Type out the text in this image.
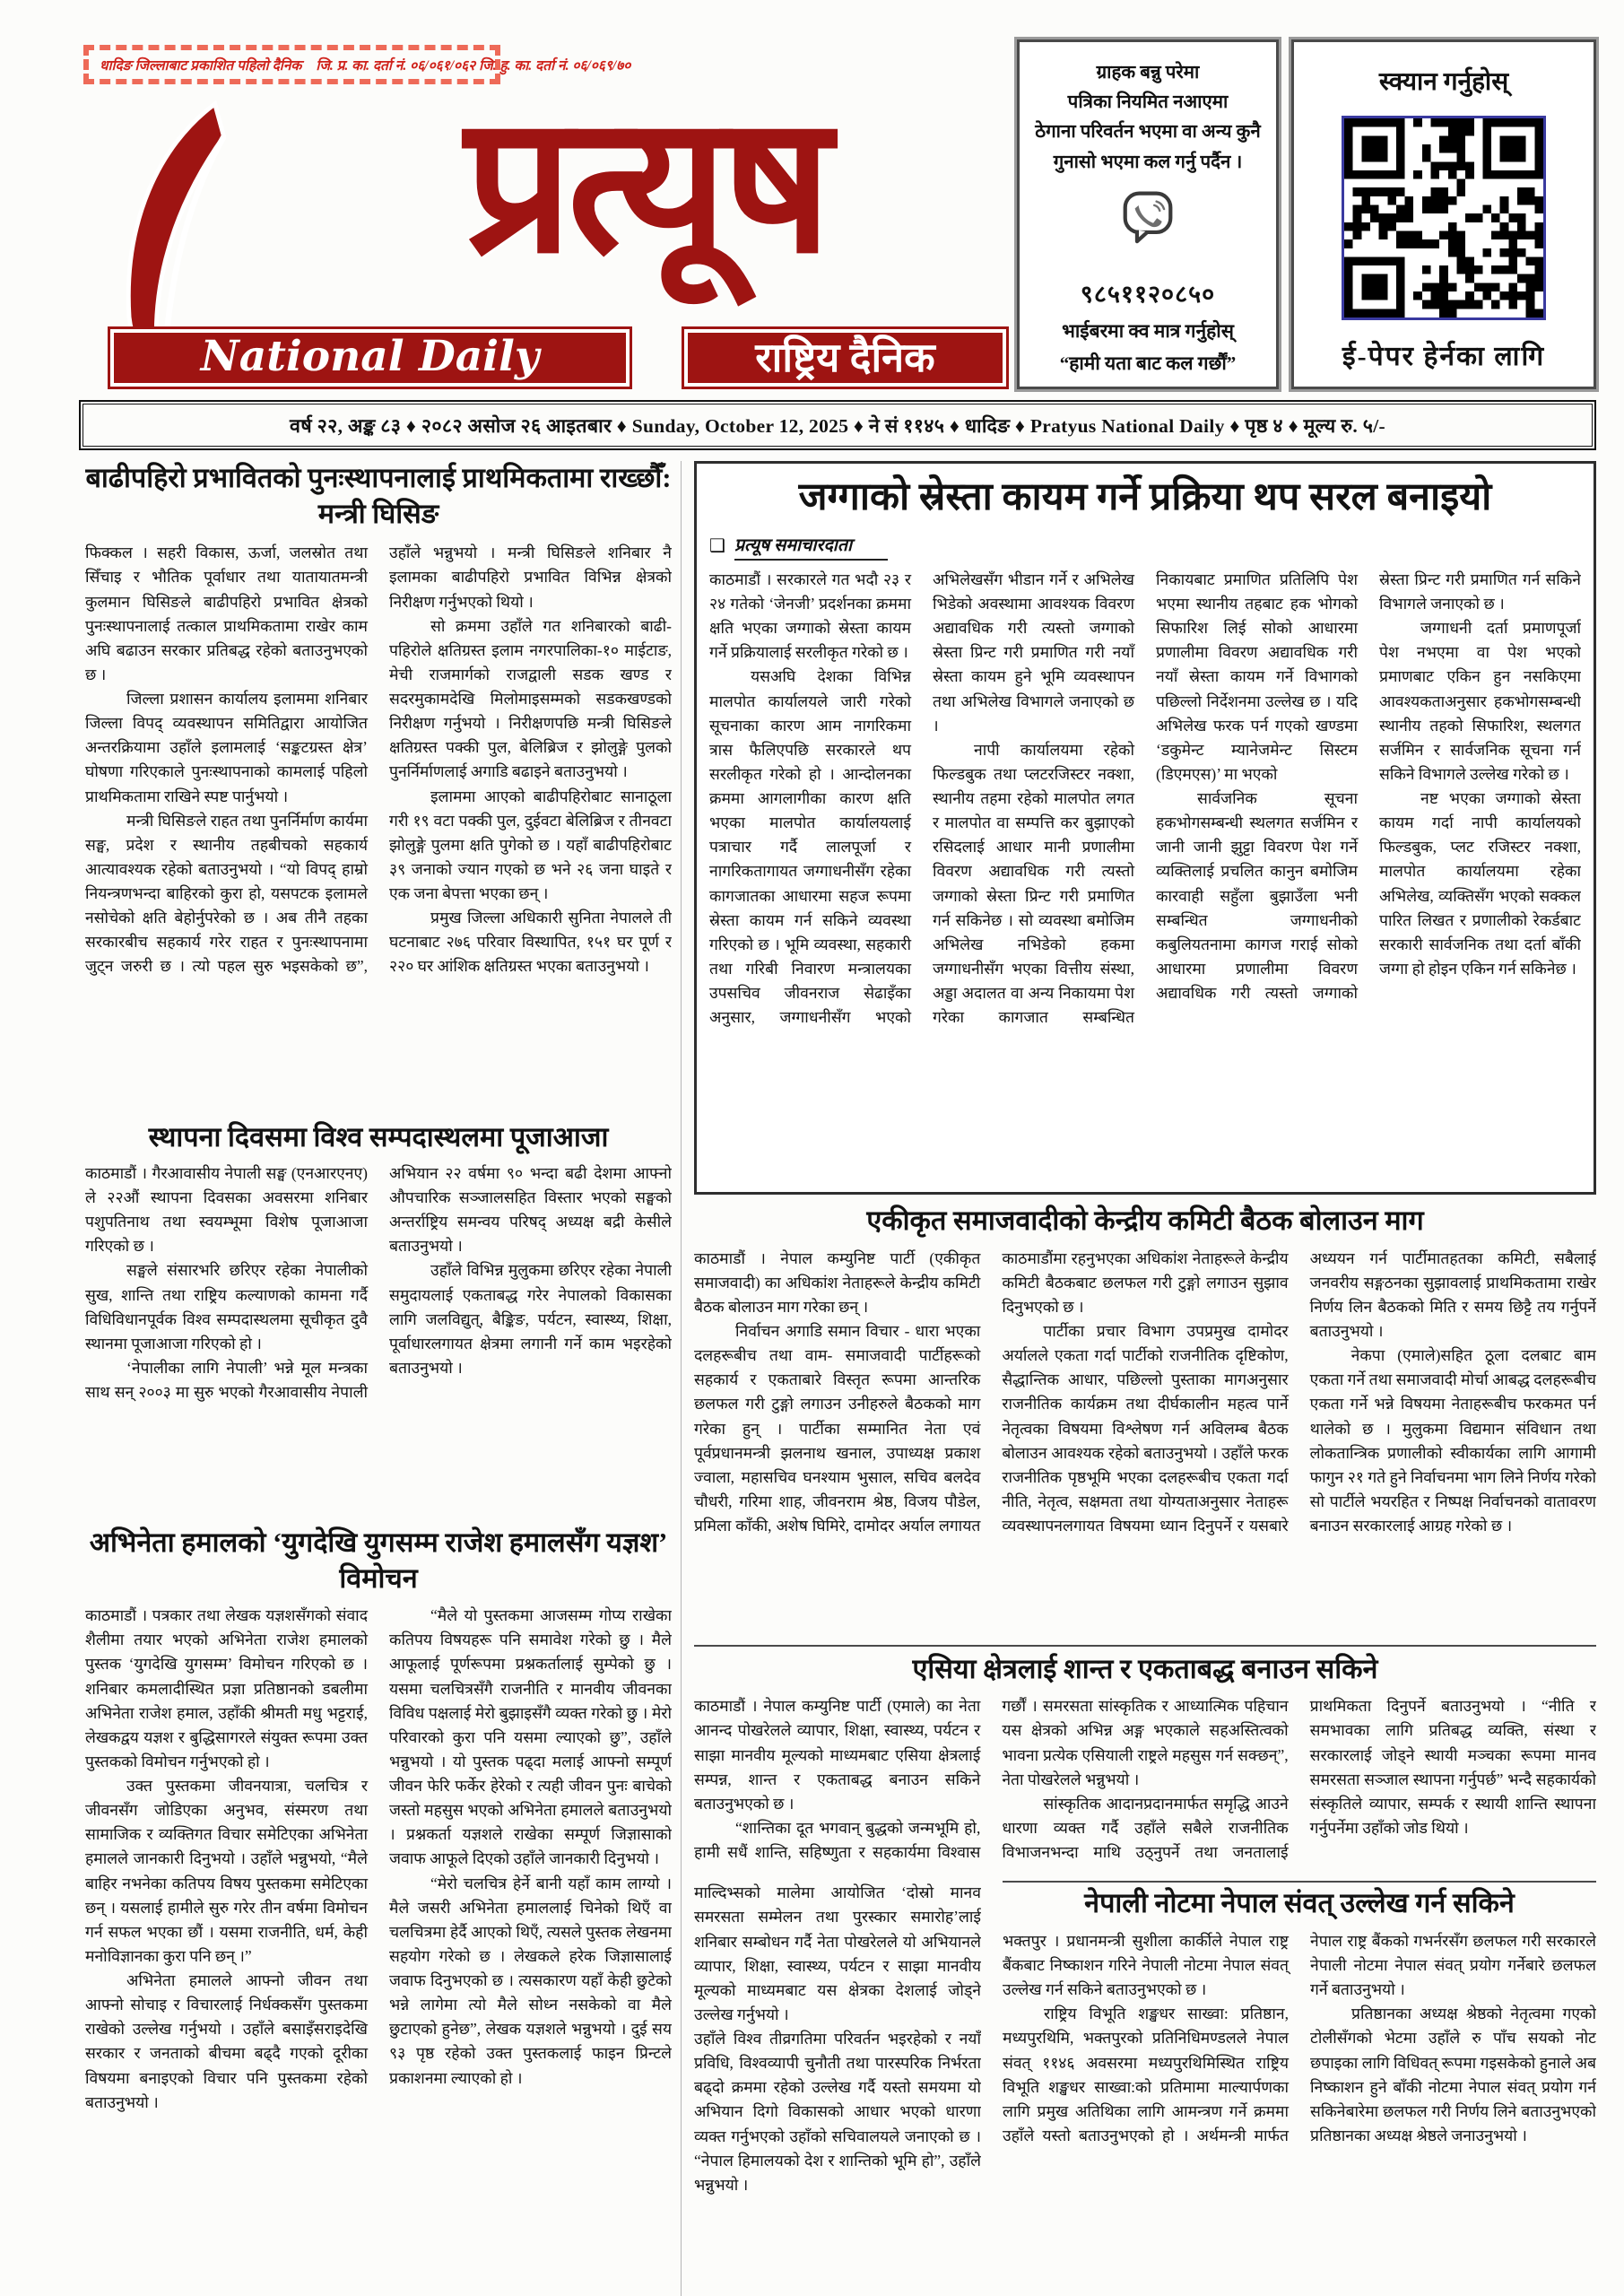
धादिङ जिल्लाबाट प्रकाशित पहिलो दैनिक जि. प्र. का. दर्ता नं. ०६/०६१/०६२ जि. हु. का. दर्ता नं. ०६/०६९/७०
प्रत्यूष
National Daily	राष्ट्रिय दैनिक
ग्राहक बन्नु परेमा
पत्रिका नियमित नआएमा
ठेगाना परिवर्तन भएमा वा अन्य कुनै
गुनासो भएमा कल गर्नु पर्दैन ।
९८५११२०८५०
भाईबरमा क्व मात्र गर्नुहोस्
“हामी यता बाट कल गर्छौं”
स्क्यान गर्नुहोस्
ई-पेपर हेर्नका लागि
वर्ष २२, अङ्क ८३ ♦ २०८२ असोज २६ आइतबार ♦ Sunday, October 12, 2025 ♦ ने सं ११४५ ♦ धादिङ ♦ Pratyus National Daily ♦ पृष्ठ ४ ♦ मूल्य रु. ५/-
बाढीपहिरो प्रभावितको पुनःस्थापनालाई प्राथमिकतामा राख्छौँ: मन्त्री घिसिङ

फिक्कल । सहरी विकास, ऊर्जा, जलस्रोत तथा सिँचाइ र भौतिक पूर्वाधार तथा यातायातमन्त्री कुलमान घिसिङले बाढीपहिरो प्रभावित क्षेत्रको पुनःस्थापनालाई तत्काल प्राथमिकतामा राखेर काम अघि बढाउन सरकार प्रतिबद्ध रहेको बताउनुभएको छ ।

जिल्ला प्रशासन कार्यालय इलाममा शनिबार जिल्ला विपद् व्यवस्थापन समितिद्वारा आयोजित अन्तरक्रियामा उहाँले इलामलाई ‘सङ्कटग्रस्त क्षेत्र’ घोषणा गरिएकाले पुनःस्थापनाको कामलाई पहिलो प्राथमिकतामा राखिने स्पष्ट पार्नुभयो ।

मन्त्री घिसिङले राहत तथा पुनर्निर्माण कार्यमा सङ्घ, प्रदेश र स्थानीय तहबीचको सहकार्य आत्यावश्यक रहेको बताउनुभयो । “यो विपद् हाम्रो नियन्त्रणभन्दा बाहिरको कुरा हो, यसपटक इलामले नसोचेको क्षति बेहोर्नुपरेको छ । अब तीनै तहका सरकारबीच सहकार्य गरेर राहत र पुनःस्थापनामा जुट्न जरुरी छ । त्यो पहल सुरु भइसकेको छ”, उहाँले भन्नुभयो । मन्त्री घिसिङले शनिबार नै इलामका बाढीपहिरो प्रभावित विभिन्न क्षेत्रको निरीक्षण गर्नुभएको थियो ।

सो क्रममा उहाँले गत शनिबारको बाढी- पहिरोले क्षतिग्रस्त इलाम नगरपालिका-१० माईटाङ, मेची राजमार्गको राजद्वाली सडक खण्ड र सदरमुकामदेखि मिलोमाइसम्मको सडकखण्डको निरीक्षण गर्नुभयो । निरीक्षणपछि मन्त्री घिसिङले क्षतिग्रस्त पक्की पुल, बेलिब्रिज र झोलुङ्गे पुलको पुनर्निर्माणलाई अगाडि बढाइने बताउनुभयो ।

इलाममा आएको बाढीपहिरोबाट सानाठूला गरी १९ वटा पक्की पुल, दुईवटा बेलिब्रिज र तीनवटा झोलुङ्गे पुलमा क्षति पुगेको छ । यहाँ बाढीपहिरोबाट ३९ जनाको ज्यान गएको छ भने २६ जना घाइते र एक जना बेपत्ता भएका छन् ।

प्रमुख जिल्ला अधिकारी सुनिता नेपालले ती घटनाबाट २७६ परिवार विस्थापित, १५१ घर पूर्ण र २२० घर आंशिक क्षतिग्रस्त भएका बताउनुभयो ।

स्थापना दिवसमा विश्व सम्पदास्थलमा पूजाआजा

काठमाडौं । गैरआवासीय नेपाली सङ्घ (एनआरएनए) ले २२औं स्थापना दिवसका अवसरमा शनिबार पशुपतिनाथ तथा स्वयम्भूमा विशेष पूजाआजा गरिएको छ ।

सङ्घले संसारभरि छरिएर रहेका नेपालीको सुख, शान्ति तथा राष्ट्रिय कल्याणको कामना गर्दै विधिविधानपूर्वक विश्व सम्पदास्थलमा सूचीकृत दुवै स्थानमा पूजाआजा गरिएको हो ।

‘नेपालीका लागि नेपाली’ भन्ने मूल मन्त्रका साथ सन् २००३ मा सुरु भएको गैरआवासीय नेपाली अभियान २२ वर्षमा ९० भन्दा बढी देशमा आफ्नो औपचारिक सञ्जालसहित विस्तार भएको सङ्घको अन्तर्राष्ट्रिय समन्वय परिषद् अध्यक्ष बद्री केसीले बताउनुभयो ।

उहाँले विभिन्न मुलुकमा छरिएर रहेका नेपाली समुदायलाई एकताबद्ध गरेर नेपालको विकासका लागि जलविद्युत्, बैङ्किङ, पर्यटन, स्वास्थ्य, शिक्षा, पूर्वाधारलगायत क्षेत्रमा लगानी गर्ने काम भइरहेको बताउनुभयो ।

अभिनेता हमालको ‘युगदेखि युगसम्म राजेश हमालसँग यज्ञश’ विमोचन

काठमाडौं । पत्रकार तथा लेखक यज्ञशसँगको संवाद शैलीमा तयार भएको अभिनेता राजेश हमालको पुस्तक ‘युगदेखि युगसम्म’ विमोचन गरिएको छ । शनिबार कमलादीस्थित प्रज्ञा प्रतिष्ठानको डबलीमा अभिनेता राजेश हमाल, उहाँकी श्रीमती मधु भट्टराई, लेखकद्वय यज्ञश र बुद्धिसागरले संयुक्त रूपमा उक्त पुस्तकको विमोचन गर्नुभएको हो ।

उक्त पुस्तकमा जीवनयात्रा, चलचित्र र जीवनसँग जोडिएका अनुभव, संस्मरण तथा सामाजिक र व्यक्तिगत विचार समेटिएका अभिनेता हमालले जानकारी दिनुभयो । उहाँले भन्नुभयो, “मैले बाहिर नभनेका कतिपय विषय पुस्तकमा समेटिएका छन् । यसलाई हामीले सुरु गरेर तीन वर्षमा विमोचन गर्न सफल भएका छौं । यसमा राजनीति, धर्म, केही मनोविज्ञानका कुरा पनि छन् ।”

अभिनेता हमालले आफ्नो जीवन तथा आफ्नो सोचाइ र विचारलाई निर्धक्कसँग पुस्तकमा राखेको उल्लेख गर्नुभयो । उहाँले बसाइँसराइदेखि सरकार र जनताको बीचमा बढ्दै गएको दूरीका विषयमा बनाइएको विचार पनि पुस्तकमा रहेको बताउनुभयो ।

“मैले यो पुस्तकमा आजसम्म गोप्य राखेका कतिपय विषयहरू पनि समावेश गरेको छु । मैले आफूलाई पूर्णरूपमा प्रश्नकर्तालाई सुम्पेको छु । यसमा चलचित्रसँगै राजनीति र मानवीय जीवनका विविध पक्षलाई मेरो बुझाइसँगै व्यक्त गरेको छु । मेरो परिवारको कुरा पनि यसमा ल्याएको छु”, उहाँले भन्नुभयो । यो पुस्तक पढ्दा मलाई आफ्नो सम्पूर्ण जीवन फेरि फर्केर हेरेको र त्यही जीवन पुनः बाचेको जस्तो महसुस भएको अभिनेता हमालले बताउनुभयो । प्रश्नकर्ता यज्ञशले राखेका सम्पूर्ण जिज्ञासाको जवाफ आफूले दिएको उहाँले जानकारी दिनुभयो ।

“मेरो चलचित्र हेर्ने बानी यहाँ काम लाग्यो । मैले जसरी अभिनेता हमाललाई चिनेको थिएँ वा चलचित्रमा हेर्दै आएको थिएँ, त्यसले पुस्तक लेखनमा सहयोग गरेको छ । लेखकले हरेक जिज्ञासालाई जवाफ दिनुभएको छ । त्यसकारण यहाँ केही छुटेको भन्ने लागेमा त्यो मैले सोध्न नसकेको वा मैले छुटाएको हुनेछ”, लेखक यज्ञशले भन्नुभयो । दुई सय ९३ पृष्ठ रहेको उक्त पुस्तकलाई फाइन प्रिन्टले प्रकाशनमा ल्याएको हो ।

जग्गाको स्रेस्ता कायम गर्ने प्रक्रिया थप सरल बनाइयो
❑ प्रत्यूष समाचारदाता

काठमाडौं । सरकारले गत भदौ २३ र २४ गतेको ‘जेनजी’ प्रदर्शनका क्रममा क्षति भएका जग्गाको स्रेस्ता कायम गर्ने प्रक्रियालाई सरलीकृत गरेको छ ।

यसअघि देशका विभिन्न मालपोत कार्यालयले जारी गरेको सूचनाका कारण आम नागरिकमा त्रास फैलिएपछि सरकारले थप सरलीकृत गरेको हो । आन्दोलनका क्रममा आगलागीका कारण क्षति भएका मालपोत कार्यालयलाई पत्राचार गर्दै लालपूर्जा र नागरिकतागायत जग्गाधनीसँग रहेका कागजातका आधारमा सहज रूपमा स्रेस्ता कायम गर्न सकिने व्यवस्था गरिएको छ । भूमि व्यवस्था, सहकारी तथा गरिबी निवारण मन्त्रालयका उपसचिव जीवनराज सेढाइँका अनुसार, जग्गाधनीसँग भएको अभिलेखसँग भीडान गर्ने र अभिलेख भिडेको अवस्थामा आवश्यक विवरण अद्यावधिक गरी त्यस्तो जग्गाको स्रेस्ता प्रिन्ट गरी प्रमाणित गरी नयाँ स्रेस्ता कायम हुने भूमि व्यवस्थापन तथा अभिलेख विभागले जनाएको छ ।

नापी कार्यालयमा रहेको फिल्डबुक तथा प्लटरजिस्टर नक्शा, स्थानीय तहमा रहेको मालपोत लगत र मालपोत वा सम्पत्ति कर बुझाएको रसिदलाई आधार मानी प्रणालीमा विवरण अद्यावधिक गरी त्यस्तो जग्गाको स्रेस्ता प्रिन्ट गरी प्रमाणित गर्न सकिनेछ । सो व्यवस्था बमोजिम अभिलेख नभिडेको हकमा जग्गाधनीसँग भएका वित्तीय संस्था, अड्डा अदालत वा अन्य निकायमा पेश गरेका कागजात सम्बन्धित निकायबाट प्रमाणित प्रतिलिपि पेश भएमा स्थानीय तहबाट हक भोगको सिफारिश लिई सोको आधारमा प्रणालीमा विवरण अद्यावधिक गरी नयाँ स्रेस्ता कायम गर्ने विभागको पछिल्लो निर्देशनमा उल्लेख छ । यदि अभिलेख फरक पर्न गएको खण्डमा ‘डकुमेन्ट म्यानेजमेन्ट सिस्टम (डिएमएस)’ मा भएको

सार्वजनिक सूचना हकभोगसम्बन्धी स्थलगत सर्जमिन र जानी जानी झुट्टा विवरण पेश गर्ने व्यक्तिलाई प्रचलित कानुन बमोजिम कारवाही सहुँला बुझाउँला भनी सम्बन्धित जग्गाधनीको कबुलियतनामा कागज गराई सोको आधारमा प्रणालीमा विवरण अद्यावधिक गरी त्यस्तो जग्गाको स्रेस्ता प्रिन्ट गरी प्रमाणित गर्न सकिने विभागले जनाएको छ ।

जग्गाधनी दर्ता प्रमाणपूर्जा पेश नभएमा वा पेश भएको प्रमाणबाट एकिन हुन नसकिएमा आवश्यकताअनुसार हकभोगसम्बन्धी स्थानीय तहको सिफारिश, स्थलगत सर्जमिन र सार्वजनिक सूचना गर्न सकिने विभागले उल्लेख गरेको छ ।

नष्ट भएका जग्गाको स्रेस्ता कायम गर्दा नापी कार्यालयको फिल्डबुक, प्लट रजिस्टर नक्शा, मालपोत कार्यालयमा रहेका अभिलेख, व्यक्तिसँग भएको सक्कल पारित लिखत र प्रणालीको रेकर्डबाट सरकारी सार्वजनिक तथा दर्ता बाँकी जग्गा हो होइन एकिन गर्न सकिनेछ ।

एकीकृत समाजवादीको केन्द्रीय कमिटी बैठक बोलाउन माग

काठमाडौं । नेपाल कम्युनिष्ट पार्टी (एकीकृत समाजवादी) का अधिकांश नेताहरूले केन्द्रीय कमिटी बैठक बोलाउन माग गरेका छन् ।

निर्वाचन अगाडि समान विचार - धारा भएका दलहरूबीच तथा वाम- समाजवादी पार्टीहरूको सहकार्य र एकताबारे विस्तृत रूपमा आन्तरिक छलफल गरी टुङ्गो लगाउन उनीहरुले बैठकको माग गरेका हुन् । पार्टीका सम्मानित नेता एवं पूर्वप्रधानमन्त्री झलनाथ खनाल, उपाध्यक्ष प्रकाश ज्वाला, महासचिव घनश्याम भुसाल, सचिव बलदेव चौधरी, गरिमा शाह, जीवनराम श्रेष्ठ, विजय पौडेल, प्रमिला काँकी, अशेष घिमिरे, दामोदर अर्याल लगायत काठमाडौंमा रहनुभएका अधिकांश नेताहरूले केन्द्रीय कमिटी बैठकबाट छलफल गरी टुङ्गो लगाउन सुझाव दिनुभएको छ ।

पार्टीका प्रचार विभाग उपप्रमुख दामोदर अर्यालले एकता गर्दा पार्टीको राजनीतिक दृष्टिकोण, सैद्धान्तिक आधार, पछिल्लो पुस्ताका मागअनुसार राजनीतिक कार्यक्रम तथा दीर्घकालीन महत्व पार्ने नेतृत्वका विषयमा विश्लेषण गर्न अविलम्ब बैठक बोलाउन आवश्यक रहेको बताउनुभयो । उहाँले फरक राजनीतिक पृष्ठभूमि भएका दलहरूबीच एकता गर्दा नीति, नेतृत्व, सक्षमता तथा योग्यताअनुसार नेताहरू व्यवस्थापनलगायत विषयमा ध्यान दिनुपर्ने र यसबारे अध्ययन गर्न पार्टीमातहतका कमिटी, सबैलाई जनवरीय सङ्गठनका सुझावलाई प्राथमिकतामा राखेर निर्णय लिन बैठकको मिति र समय छिट्टै तय गर्नुपर्ने बताउनुभयो ।

नेकपा (एमाले)सहित ठूला दलबाट बाम एकता गर्ने तथा समाजवादी मोर्चा आबद्ध दलहरूबीच एकता गर्ने भन्ने विषयमा नेताहरूबीच फरकमत पर्न थालेको छ । मुलुकमा विद्यमान संविधान तथा लोकतान्त्रिक प्रणालीको स्वीकार्यका लागि आगामी फागुन २१ गते हुने निर्वाचनमा भाग लिने निर्णय गरेको सो पार्टीले भयरहित र निष्पक्ष निर्वाचनको वातावरण बनाउन सरकारलाई आग्रह गरेको छ ।

एसिया क्षेत्रलाई शान्त र एकताबद्ध बनाउन सकिने

काठमाडौं । नेपाल कम्युनिष्ट पार्टी (एमाले) का नेता आनन्द पोखरेलले व्यापार, शिक्षा, स्वास्थ्य, पर्यटन र साझा मानवीय मूल्यको माध्यमबाट एसिया क्षेत्रलाई सम्पन्न, शान्त र एकताबद्ध बनाउन सकिने बताउनुभएको छ ।

“शान्तिका दूत भगवान् बुद्धको जन्मभूमि हो, हामी सधैं शान्ति, सहिष्णुता र सहकार्यमा विश्वास गर्छौं । समरसता सांस्कृतिक र आध्यात्मिक पहिचान यस क्षेत्रको अभिन्न अङ्ग भएकाले सहअस्तित्वको भावना प्रत्येक एसियाली राष्ट्रले महसुस गर्न सक्छन्”, नेता पोखरेलले भन्नुभयो ।

सांस्कृतिक आदानप्रदानमार्फत समृद्धि आउने धारणा व्यक्त गर्दै उहाँले सबैले राजनीतिक विभाजनभन्दा माथि उठ्नुपर्ने तथा जनतालाई प्राथमिकता दिनुपर्ने बताउनुभयो । “नीति र समभावका लागि प्रतिबद्ध व्यक्ति, संस्था र सरकारलाई जोड्ने स्थायी मञ्चका रूपमा मानव समरसता सञ्जाल स्थापना गर्नुपर्छ” भन्दै सहकार्यको संस्कृतिले व्यापार, सम्पर्क र स्थायी शान्ति स्थापना गर्नुपर्नेमा उहाँको जोड थियो ।

माल्दिभ्सको मालेमा आयोजित ‘दोस्रो मानव समरसता सम्मेलन तथा पुरस्कार समारोह’लाई शनिबार सम्बोधन गर्दै नेता पोखरेलले यो अभियानले व्यापार, शिक्षा, स्वास्थ्य, पर्यटन र साझा मानवीय मूल्यको माध्यमबाट यस क्षेत्रका देशलाई जोड्ने उल्लेख गर्नुभयो ।

उहाँले विश्व तीव्रगतिमा परिवर्तन भइरहेको र नयाँ प्रविधि, विश्वव्यापी चुनौती तथा पारस्परिक निर्भरता बढ्दो क्रममा रहेको उल्लेख गर्दै यस्तो समयमा यो अभियान दिगो विकासको आधार भएको धारणा व्यक्त गर्नुभएको उहाँको सचिवालयले जनाएको छ । “नेपाल हिमालयको देश र शान्तिको भूमि हो”, उहाँले भन्नुभयो ।

नेपाली नोटमा नेपाल संवत् उल्लेख गर्न सकिने

भक्तपुर । प्रधानमन्त्री सुशीला कार्कीले नेपाल राष्ट्र बैंकबाट निष्काशन गरिने नेपाली नोटमा नेपाल संवत् उल्लेख गर्न सकिने बताउनुभएको छ ।

राष्ट्रिय विभूति शङ्खधर साख्वा: प्रतिष्ठान, मध्यपुरथिमि, भक्तपुरको प्रतिनिधिमण्डलले नेपाल संवत् ११४६ अवसरमा मध्यपुरथिमिस्थित राष्ट्रिय विभूति शङ्खधर साख्वा:को प्रतिमामा माल्यार्पणका लागि प्रमुख अतिथिका लागि आमन्त्रण गर्ने क्रममा उहाँले यस्तो बताउनुभएको हो । अर्थमन्त्री मार्फत नेपाल राष्ट्र बैंकको गभर्नरसँग छलफल गरी सरकारले नेपाली नोटमा नेपाल संवत् प्रयोग गर्नेबारे छलफल गर्ने बताउनुभयो ।

प्रतिष्ठानका अध्यक्ष श्रेष्ठको नेतृत्वमा गएको टोलीसँगको भेटमा उहाँले रु पाँच सयको नोट छपाइका लागि विधिवत् रूपमा गइसकेको हुनाले अब निष्काशन हुने बाँकी नोटमा नेपाल संवत् प्रयोग गर्न सकिनेबारेमा छलफल गरी निर्णय लिने बताउनुभएको प्रतिष्ठानका अध्यक्ष श्रेष्ठले जनाउनुभयो ।
